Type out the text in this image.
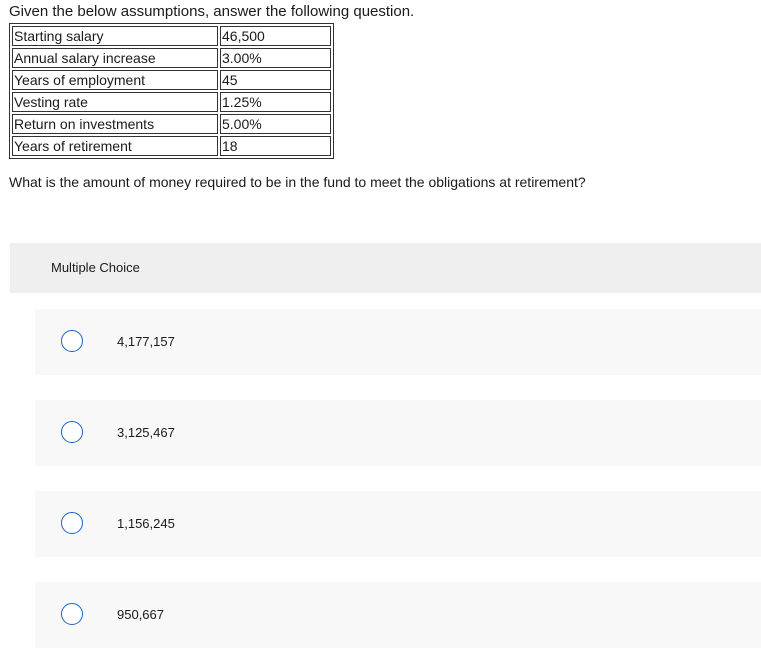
Given the below assumptions, answer the following question.
Starting salary	46,500
Annual salary increase	3.00%
Years of employment	45
Vesting rate	1.25%
Return on investments	5.00%
Years of retirement	18
What is the amount of money required to be in the fund to meet the obligations at retirement?
Multiple Choice
4,177,157
3,125,467
1,156,245
950,667
